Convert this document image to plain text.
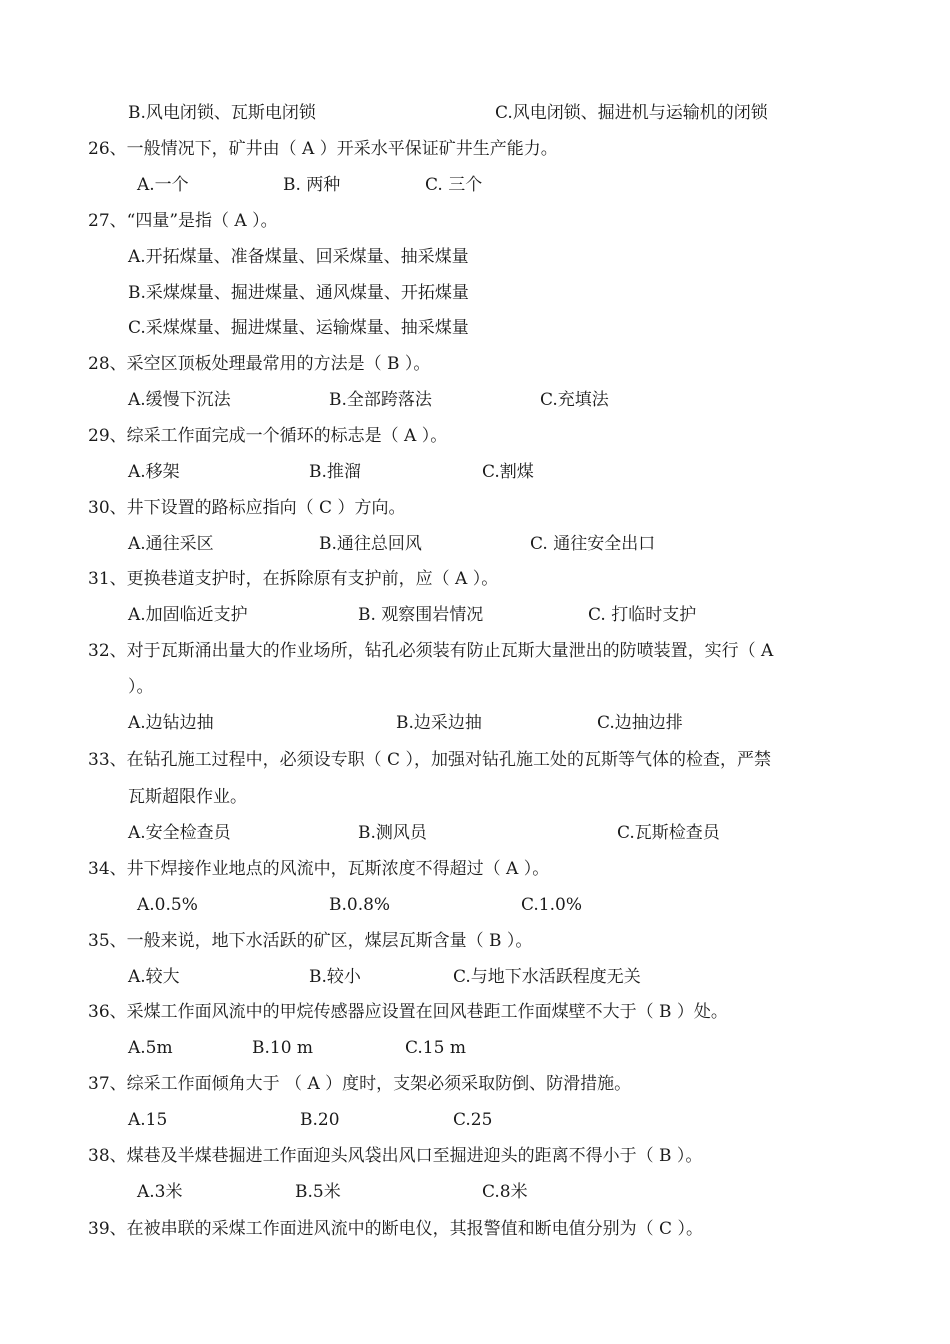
B.风电闭锁、瓦斯电闭锁	C.风电闭锁、掘进机与运输机的闭锁
26、一般情况下，矿井由（ A ）开采水平保证矿井生产能力。
A.一个	B. 两种	C. 三个
27、“四量”是指（ A ）。
A.开拓煤量、准备煤量、回采煤量、抽采煤量
B.采煤煤量、掘进煤量、通风煤量、开拓煤量
C.采煤煤量、掘进煤量、运输煤量、抽采煤量
28、采空区顶板处理最常用的方法是（ B ）。
A.缓慢下沉法	B.全部跨落法	C.充填法
29、综采工作面完成一个循环的标志是（ A ）。
A.移架	B.推溜	C.割煤
30、井下设置的路标应指向（ C ）方向。
A.通往采区	B.通往总回风	C. 通往安全出口
31、更换巷道支护时，在拆除原有支护前，应（ A ）。
A.加固临近支护	B. 观察围岩情况	C. 打临时支护
32、对于瓦斯涌出量大的作业场所，钻孔必须装有防止瓦斯大量泄出的防喷装置，实行（ A
）。
A.边钻边抽	B.边采边抽	C.边抽边排
33、在钻孔施工过程中，必须设专职（ C ），加强对钻孔施工处的瓦斯等气体的检查，严禁
瓦斯超限作业。
A.安全检查员	B.测风员	C.瓦斯检查员
34、井下焊接作业地点的风流中，瓦斯浓度不得超过（ A ）。
A.0.5%	B.0.8%	C.1.0%
35、一般来说，地下水活跃的矿区，煤层瓦斯含量（ B ）。
A.较大	B.较小	C.与地下水活跃程度无关
36、采煤工作面风流中的甲烷传感器应设置在回风巷距工作面煤壁不大于（ B ）处。
A.5m	B.10 m	C.15 m
37、综采工作面倾角大于 （ A ）度时，支架必须采取防倒、防滑措施。
A.15	B.20	C.25
38、煤巷及半煤巷掘进工作面迎头风袋出风口至掘进迎头的距离不得小于（ B ）。
A.3米	B.5米	C.8米
39、在被串联的采煤工作面进风流中的断电仪，其报警值和断电值分别为（ C ）。
